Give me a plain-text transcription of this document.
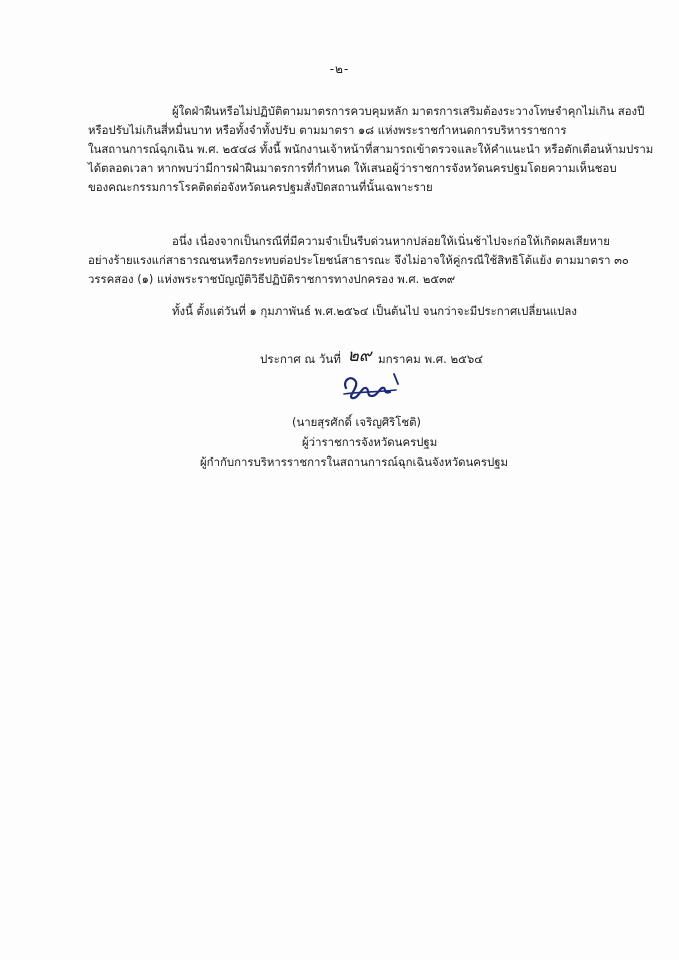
-๒-
ผู้ใดฝ่าฝืนหรือไม่ปฏิบัติตามมาตรการควบคุมหลัก มาตรการเสริมต้องระวางโทษจำคุกไม่เกิน สองปี
หรือปรับไม่เกินสี่หมื่นบาท หรือทั้งจำทั้งปรับ ตามมาตรา ๑๘ แห่งพระราชกำหนดการบริหารราชการ
ในสถานการณ์ฉุกเฉิน พ.ศ. ๒๕๔๘ ทั้งนี้ พนักงานเจ้าหน้าที่สามารถเข้าตรวจและให้คำแนะนำ หรือตักเตือนห้ามปราม
ได้ตลอดเวลา หากพบว่ามีการฝ่าฝืนมาตรการที่กำหนด ให้เสนอผู้ว่าราชการจังหวัดนครปฐมโดยความเห็นชอบ
ของคณะกรรมการโรคติดต่อจังหวัดนครปฐมสั่งปิดสถานที่นั้นเฉพาะราย
อนึ่ง เนื่องจากเป็นกรณีที่มีความจำเป็นรีบด่วนหากปล่อยให้เนิ่นช้าไปจะก่อให้เกิดผลเสียหาย
อย่างร้ายแรงแก่สาธารณชนหรือกระทบต่อประโยชน์สาธารณะ จึงไม่อาจให้คู่กรณีใช้สิทธิโต้แย้ง ตามมาตรา ๓๐
วรรคสอง (๑) แห่งพระราชบัญญัติวิธีปฏิบัติราชการทางปกครอง พ.ศ. ๒๕๓๙
ทั้งนี้ ตั้งแต่วันที่ ๑ กุมภาพันธ์ พ.ศ.๒๕๖๔ เป็นต้นไป จนกว่าจะมีประกาศเปลี่ยนแปลง
ประกาศ ณ วันที่ ๒๙ มกราคม พ.ศ. ๒๕๖๔
(นายสุรศักดิ์ เจริญศิริโชติ)
ผู้ว่าราชการจังหวัดนครปฐม
ผู้กำกับการบริหารราชการในสถานการณ์ฉุกเฉินจังหวัดนครปฐม
